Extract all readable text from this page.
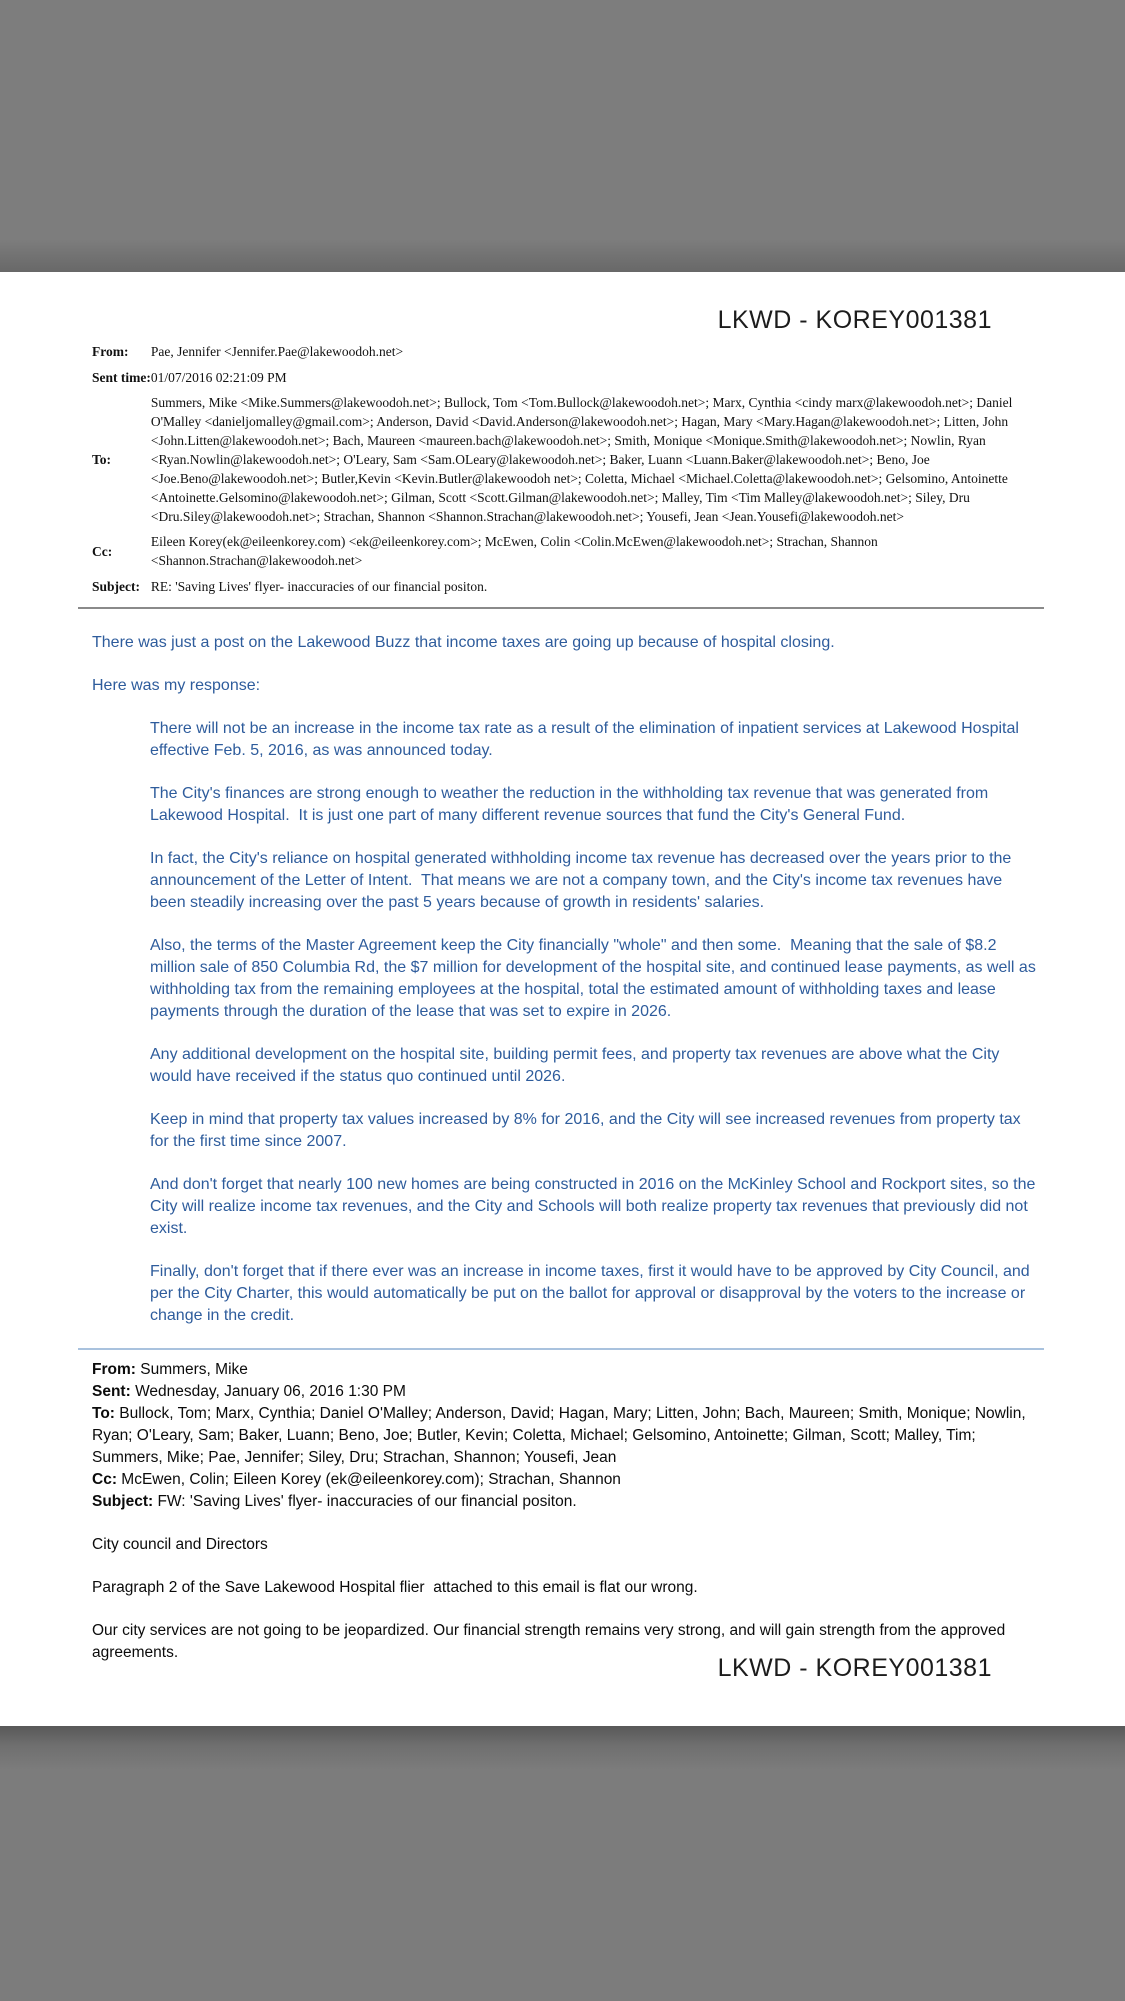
LKWD - KOREY001381
From:	Pae, Jennifer <Jennifer.Pae@lakewoodoh.net>
Sent time:	01/07/2016 02:21:09 PM
To:	Summers, Mike <Mike.Summers@lakewoodoh.net>; Bullock, Tom <Tom.Bullock@lakewoodoh.net>; Marx, Cynthia <cindy marx@lakewoodoh.net>; Daniel O'Malley <danieljomalley@gmail.com>; Anderson, David <David.Anderson@lakewoodoh.net>; Hagan, Mary <Mary.Hagan@lakewoodoh.net>; Litten, John <John.Litten@lakewoodoh.net>; Bach, Maureen <maureen.bach@lakewoodoh.net>; Smith, Monique <Monique.Smith@lakewoodoh.net>; Nowlin, Ryan <Ryan.Nowlin@lakewoodoh.net>; O'Leary, Sam <Sam.OLeary@lakewoodoh.net>; Baker, Luann <Luann.Baker@lakewoodoh.net>; Beno, Joe <Joe.Beno@lakewoodoh.net>; Butler,Kevin <Kevin.Butler@lakewoodoh net>; Coletta, Michael <Michael.Coletta@lakewoodoh.net>; Gelsomino, Antoinette <Antoinette.Gelsomino@lakewoodoh.net>; Gilman, Scott <Scott.Gilman@lakewoodoh.net>; Malley, Tim <Tim Malley@lakewoodoh.net>; Siley, Dru <Dru.Siley@lakewoodoh.net>; Strachan, Shannon <Shannon.Strachan@lakewoodoh.net>; Yousefi, Jean <Jean.Yousefi@lakewoodoh.net>
Cc:	Eileen Korey(ek@eileenkorey.com) <ek@eileenkorey.com>; McEwen, Colin <Colin.McEwen@lakewoodoh.net>; Strachan, Shannon <Shannon.Strachan@lakewoodoh.net>
Subject:	RE: 'Saving Lives' flyer- inaccuracies of our financial positon.

There was just a post on the Lakewood Buzz that income taxes are going up because of hospital closing.

Here was my response:

There will not be an increase in the income tax rate as a result of the elimination of inpatient services at Lakewood Hospital effective Feb. 5, 2016, as was announced today.

The City's finances are strong enough to weather the reduction in the withholding tax revenue that was generated from Lakewood Hospital.  It is just one part of many different revenue sources that fund the City's General Fund.

In fact, the City's reliance on hospital generated withholding income tax revenue has decreased over the years prior to the announcement of the Letter of Intent.  That means we are not a company town, and the City's income tax revenues have been steadily increasing over the past 5 years because of growth in residents' salaries.

Also, the terms of the Master Agreement keep the City financially "whole" and then some.  Meaning that the sale of $8.2 million sale of 850 Columbia Rd, the $7 million for development of the hospital site, and continued lease payments, as well as withholding tax from the remaining employees at the hospital, total the estimated amount of withholding taxes and lease payments through the duration of the lease that was set to expire in 2026.

Any additional development on the hospital site, building permit fees, and property tax revenues are above what the City would have received if the status quo continued until 2026.

Keep in mind that property tax values increased by 8% for 2016, and the City will see increased revenues from property tax for the first time since 2007.

And don't forget that nearly 100 new homes are being constructed in 2016 on the McKinley School and Rockport sites, so the City will realize income tax revenues, and the City and Schools will both realize property tax revenues that previously did not exist.

Finally, don't forget that if there ever was an increase in income taxes, first it would have to be approved by City Council, and per the City Charter, this would automatically be put on the ballot for approval or disapproval by the voters to the increase or change in the credit.

From: Summers, Mike

Sent: Wednesday, January 06, 2016 1:30 PM

To: Bullock, Tom; Marx, Cynthia; Daniel O'Malley; Anderson, David; Hagan, Mary; Litten, John; Bach, Maureen; Smith, Monique; Nowlin, Ryan; O'Leary, Sam; Baker, Luann; Beno, Joe; Butler, Kevin; Coletta, Michael; Gelsomino, Antoinette; Gilman, Scott; Malley, Tim; Summers, Mike; Pae, Jennifer; Siley, Dru; Strachan, Shannon; Yousefi, Jean

Cc: McEwen, Colin; Eileen Korey (ek@eileenkorey.com); Strachan, Shannon

Subject: FW: 'Saving Lives' flyer- inaccuracies of our financial positon.

City council and Directors

Paragraph 2 of the Save Lakewood Hospital flier  attached to this email is flat our wrong.

Our city services are not going to be jeopardized. Our financial strength remains very strong, and will gain strength from the approved agreements.

LKWD - KOREY001381
